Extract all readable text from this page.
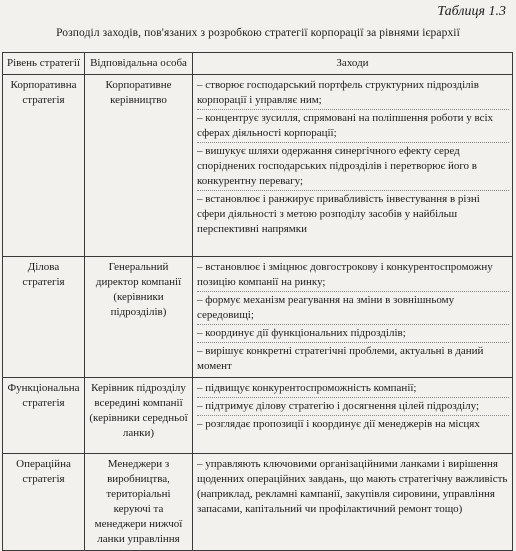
Таблиця 1.3
Розподіл заходів, пов'язаних з розробкою стратегії корпорації за рівнями ієрархії
Рівень стратегії	Відповідальна особа	Заходи
Корпоративна стратегія	Корпоративне керівництво	– створює господарський портфель структурних підрозділів корпорації і управляє ним;
– концентрує зусилля, спрямовані на поліпшення роботи у всіх сферах діяльності корпорації;
– вишукує шляхи одержання синергічного ефекту серед споріднених господарських підрозділів і перетворює його в конкурентну перевагу;
– встановлює і ранжирує привабливість інвестування в різні сфери діяльності з метою розподілу засобів у найбільш перспективні напрямки

Ділова стратегія	Генеральний директор компанії (керівники підрозділів)	– встановлює і зміцнює довгострокову і конкурентоспроможну позицію компанії на ринку;
– формує механізм реагування на зміни в зовнішньому середовищі;
– координує дії функціональних підрозділів;
– вирішує конкретні стратегічні проблеми, актуальні в даний момент

Функціональна стратегія	Керівник підрозділу всередині компанії (керівники середньої ланки)	– підвищує конкурентоспроможність компанії;
– підтримує ділову стратегію і досягнення цілей підрозділу;
– розглядає пропозиції і координує дії менеджерів на місцях

Операційна стратегія	Менеджери з виробництва, територіальні керуючі та менеджери нижчої ланки управління	– управляють ключовими організаційними ланками і вирішення щоденних операційних завдань, що мають стратегічну важливість (наприклад, рекламні кампанії, закупівля сировини, управління запасами, капітальний чи профілактичний ремонт тощо)
